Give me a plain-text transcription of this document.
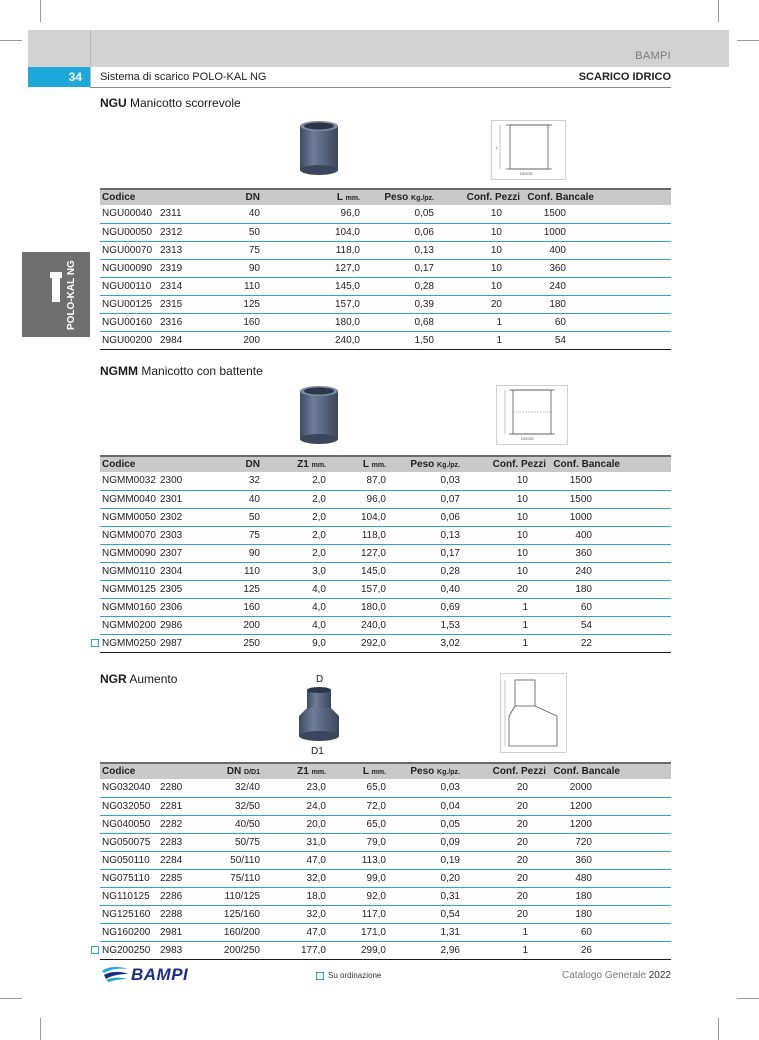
BAMPI
34	Sistema di scarico POLO-KAL NG	SCARICO IDRICO
POLO-KAL NG
NGU Manicotto scorrevole
L
DN/OD
Codice		DN	L mm.	Peso Kg./pz.	Conf. Pezzi	Conf. Bancale	
NGU00040	2311	40	96,0	0,05	10	1500	
NGU00050	2312	50	104,0	0,06	10	1000	
NGU00070	2313	75	118,0	0,13	10	400	
NGU00090	2319	90	127,0	0,17	10	360	
NGU00110	2314	110	145,0	0,28	10	240	
NGU00125	2315	125	157,0	0,39	20	180	
NGU00160	2316	160	180,0	0,68	1	60	
NGU00200	2984	200	240,0	1,50	1	54	
NGMM Manicotto con battente
DN/OD
Codice		DN	Z1 mm.	L mm.	Peso Kg./pz.	Conf. Pezzi	Conf. Bancale	
NGMM0032	2300	32	2,0	87,0	0,03	10	1500	
NGMM0040	2301	40	2,0	96,0	0,07	10	1500	
NGMM0050	2302	50	2,0	104,0	0,06	10	1000	
NGMM0070	2303	75	2,0	118,0	0,13	10	400	
NGMM0090	2307	90	2,0	127,0	0,17	10	360	
NGMM0110	2304	110	3,0	145,0	0,28	10	240	
NGMM0125	2305	125	4,0	157,0	0,40	20	180	
NGMM0160	2306	160	4,0	180,0	0,69	1	60	
NGMM0200	2986	200	4,0	240,0	1,53	1	54	
NGMM0250	2987	250	9,0	292,0	3,02	1	22	
NGR Aumento	D
D1
Codice		DN D/D1	Z1 mm.	L mm.	Peso Kg./pz.	Conf. Pezzi	Conf. Bancale	
NG032040	2280	32/40	23,0	65,0	0,03	20	2000	
NG032050	2281	32/50	24,0	72,0	0,04	20	1200	
NG040050	2282	40/50	20,0	65,0	0,05	20	1200	
NG050075	2283	50/75	31,0	79,0	0,09	20	720	
NG050110	2284	50/110	47,0	113,0	0,19	20	360	
NG075110	2285	75/110	32,0	99,0	0,20	20	480	
NG110125	2286	110/125	18,0	92,0	0,31	20	180	
NG125160	2288	125/160	32,0	117,0	0,54	20	180	
NG160200	2981	160/200	47,0	171,0	1,31	1	60	
NG200250	2983	200/250	177,0	299,0	2,96	1	26	
BAMPI	Su ordinazione	Catalogo Generale 2022
